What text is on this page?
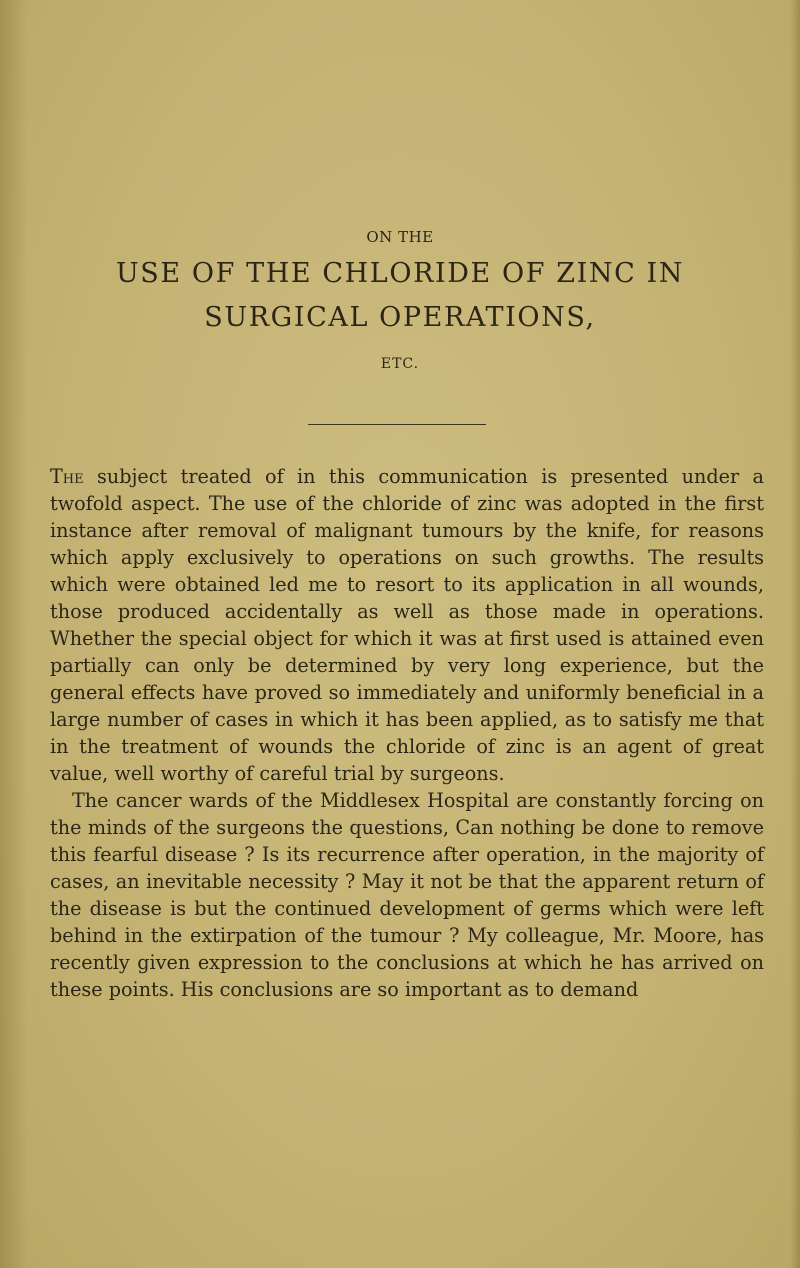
ON THE
USE OF THE CHLORIDE OF ZINC IN
SURGICAL OPERATIONS,
ETC.

The subject treated of in this communication is presented under a twofold aspect. The use of the chloride of zinc was adopted in the first instance after removal of malignant tumours by the knife, for reasons which apply exclusively to operations on such growths. The results which were obtained led me to resort to its application in all wounds, those produced accidentally as well as those made in operations. Whether the special object for which it was at first used is attained even partially can only be determined by very long experience, but the general effects have proved so immediately and uniformly beneficial in a large number of cases in which it has been applied, as to satisfy me that in the treatment of wounds the chloride of zinc is an agent of great value, well worthy of careful trial by surgeons.

The cancer wards of the Middlesex Hospital are constantly forcing on the minds of the surgeons the questions, Can nothing be done to remove this fearful disease ? Is its recurrence after operation, in the majority of cases, an inevitable necessity ? May it not be that the apparent return of the disease is but the continued development of germs which were left behind in the extirpation of the tumour ? My colleague, Mr. Moore, has recently given expression to the conclusions at which he has arrived on these points. His conclusions are so important as to demand
